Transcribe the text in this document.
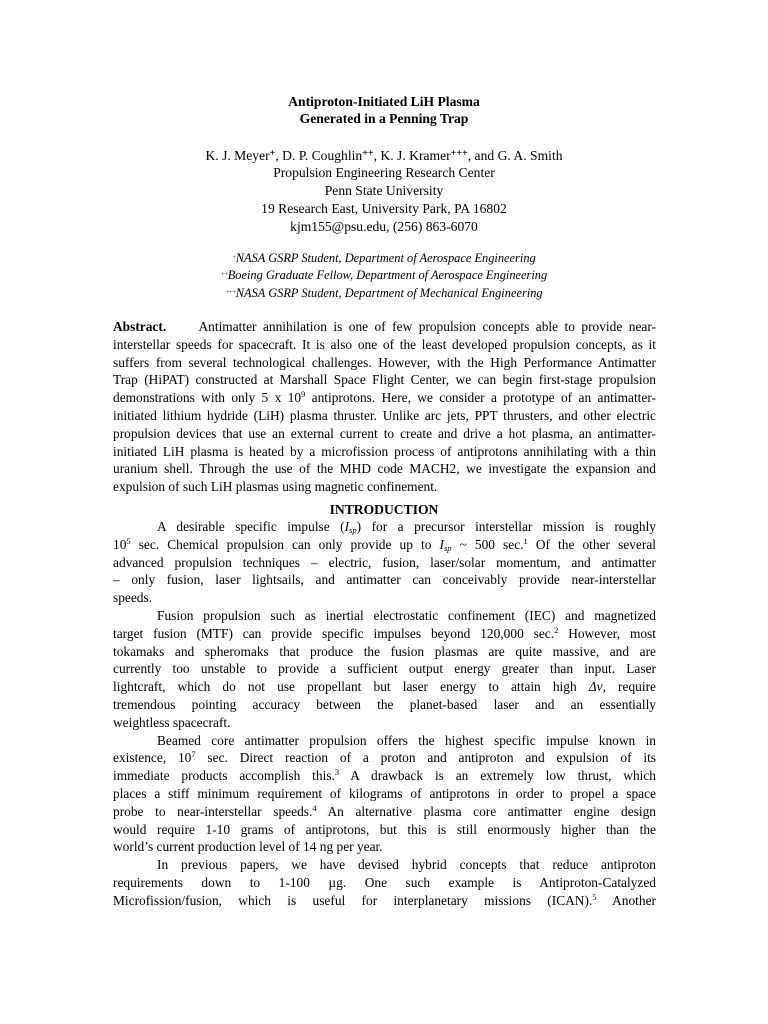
Antiproton-Initiated LiH Plasma
Generated in a Penning Trap
K. J. Meyer+, D. P. Coughlin++, K. J. Kramer+++, and G. A. Smith
Propulsion Engineering Research Center
Penn State University
19 Research East, University Park, PA 16802
kjm155@psu.edu, (256) 863-6070
+NASA GSRP Student, Department of Aerospace Engineering
++Boeing Graduate Fellow, Department of Aerospace Engineering
+++NASA GSRP Student, Department of Mechanical Engineering
Abstract. Antimatter annihilation is one of few propulsion concepts able to provide near-
interstellar speeds for spacecraft. It is also one of the least developed propulsion concepts, as it
suffers from several technological challenges. However, with the High Performance Antimatter
Trap (HiPAT) constructed at Marshall Space Flight Center, we can begin first-stage propulsion
demonstrations with only 5 x $10^9$ antiprotons. Here, we consider a prototype of an antimatter-
initiated lithium hydride (LiH) plasma thruster. Unlike arc jets, PPT thrusters, and other electric
propulsion devices that use an external current to create and drive a hot plasma, an antimatter-
initiated LiH plasma is heated by a microfission process of antiprotons annihilating with a thin
uranium shell. Through the use of the MHD code MACH2, we investigate the expansion and
expulsion of such LiH plasmas using magnetic confinement.
INTRODUCTION
A desirable specific impulse $(I_{sp})$ for a precursor interstellar mission is roughly
$10^5$ sec. Chemical propulsion can only provide up to $I_{sp}$ ~ 500 sec.$^1$ Of the other several
advanced propulsion techniques – electric, fusion, laser/solar momentum, and antimatter
– only fusion, laser lightsails, and antimatter can conceivably provide near-interstellar
speeds.
Fusion propulsion such as inertial electrostatic confinement (IEC) and magnetized
target fusion (MTF) can provide specific impulses beyond 120,000 sec.$^2$ However, most
tokamaks and spheromaks that produce the fusion plasmas are quite massive, and are
currently too unstable to provide a sufficient output energy greater than input. Laser
lightcraft, which do not use propellant but laser energy to attain high Δv, require
tremendous pointing accuracy between the planet-based laser and an essentially
weightless spacecraft.
Beamed core antimatter propulsion offers the highest specific impulse known in
existence, $10^7$ sec. Direct reaction of a proton and antiproton and expulsion of its
immediate products accomplish this.$^3$ A drawback is an extremely low thrust, which
places a stiff minimum requirement of kilograms of antiprotons in order to propel a space
probe to near-interstellar speeds.$^4$ An alternative plasma core antimatter engine design
would require 1-10 grams of antiprotons, but this is still enormously higher than the
world’s current production level of 14 ng per year.
In previous papers, we have devised hybrid concepts that reduce antiproton
requirements down to 1-100 µg. One such example is Antiproton-Catalyzed
Microfission/fusion, which is useful for interplanetary missions (ICAN).$^5$ Another
